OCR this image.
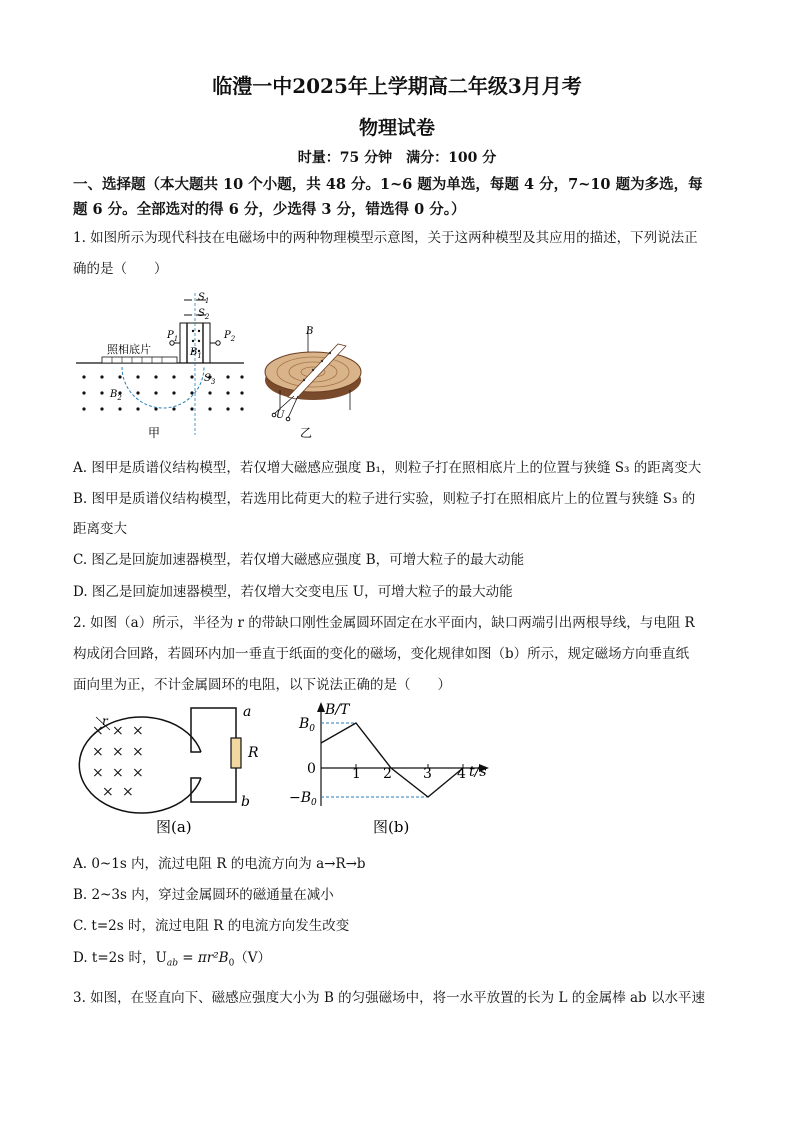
临澧一中2025年上学期高二年级3月月考
物理试卷
时量：75 分钟　满分：100 分
一、选择题（本大题共 10 个小题，共 48 分。1~6 题为单选，每题 4 分，7~10 题为多选，每
题 6 分。全部选对的得 6 分，少选得 3 分，错选得 0 分。）
1. 如图所示为现代科技在电磁场中的两种物理模型示意图，关于这两种模型及其应用的描述，下列说法正
确的是（　　）
照相底片
$S_1$
$S_2$
$S_3$
$P_1$	$P_2$
$B_1$
$B_2$
甲
B
U
乙
A. 图甲是质谱仪结构模型，若仅增大磁感应强度 B₁，则粒子打在照相底片上的位置与狭缝 S₃ 的距离变大
B. 图甲是质谱仪结构模型，若选用比荷更大的粒子进行实验，则粒子打在照相底片上的位置与狭缝 S₃ 的
距离变大
C. 图乙是回旋加速器模型，若仅增大磁感应强度 B，可增大粒子的最大动能
D. 图乙是回旋加速器模型，若仅增大交变电压 U，可增大粒子的最大动能
2. 如图（a）所示，半径为 r 的带缺口刚性金属圆环固定在水平面内，缺口两端引出两根导线，与电阻 R
构成闭合回路，若圆环内加一垂直于纸面的变化的磁场，变化规律如图（b）所示，规定磁场方向垂直纸
面向里为正，不计金属圆环的电阻，以下说法正确的是（　　）
× × ×
× × ×
× × ×
× ×
r
R
a
b
图(a)
B/T
t/s
$B_0$
$-B_0$
0	1 2 3 4
图(b)
A. 0~1s 内，流过电阻 R 的电流方向为 a→R→b
B. 2~3s 内，穿过金属圆环的磁通量在减小
C. t=2s 时，流过电阻 R 的电流方向发生改变
D. t=2s 时，$U_{ab} = \pi r^2B_0(V)$
3. 如图，在竖直向下、磁感应强度大小为 B 的匀强磁场中，将一水平放置的长为 L 的金属棒 ab 以水平速
